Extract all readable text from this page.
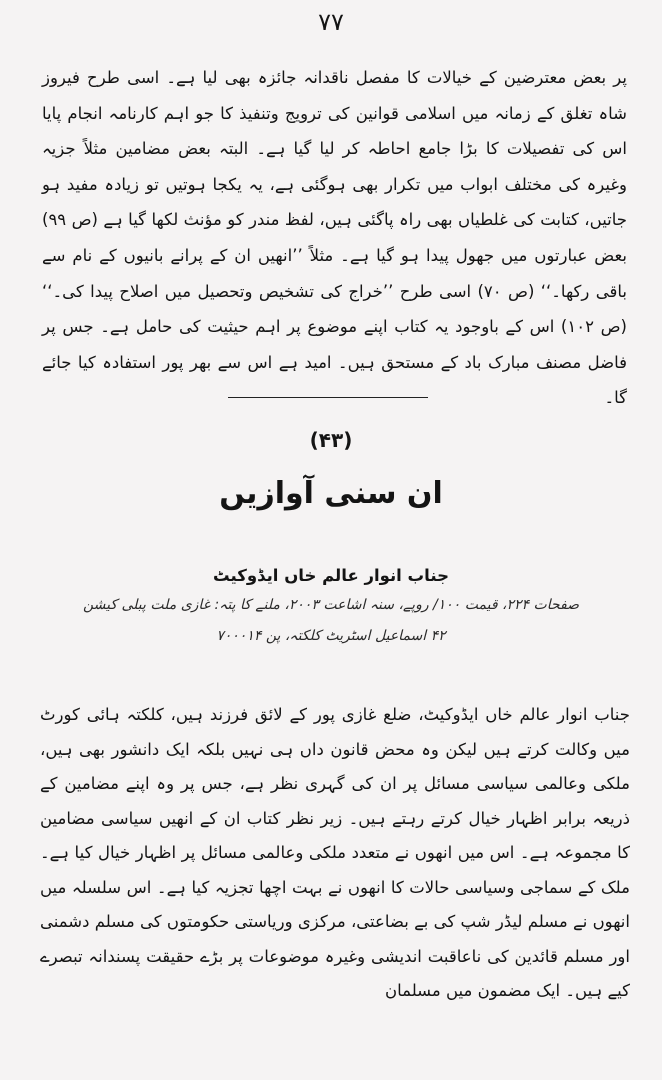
۷۷
پر بعض معترضین کے خیالات کا مفصل ناقدانہ جائزہ بھی لیا ہے۔ اسی طرح فیروز شاہ تغلق کے زمانہ میں اسلامی قوانین کی ترویج وتنفیذ کا جو اہم کارنامہ انجام پایا اس کی تفصیلات کا بڑا جامع احاطہ کر لیا گیا ہے۔ البتہ بعض مضامین مثلاً جزیہ وغیرہ کی مختلف ابواب میں تکرار بھی ہوگئی ہے، یہ یکجا ہوتیں تو زیادہ مفید ہو جاتیں، کتابت کی غلطیاں بھی راہ پاگئی ہیں، لفظ مندر کو مؤنث لکھا گیا ہے (ص ۹۹) بعض عبارتوں میں جھول پیدا ہو گیا ہے۔ مثلاً ’’انھیں ان کے پرانے بانیوں کے نام سے باقی رکھا۔‘‘ (ص ۷۰) اسی طرح ’’خراج کی تشخیص وتحصیل میں اصلاح پیدا کی۔‘‘ (ص ۱۰۲) اس کے باوجود یہ کتاب اپنے موضوع پر اہم حیثیت کی حامل ہے۔ جس پر فاضل مصنف مبارک باد کے مستحق ہیں۔ امید ہے اس سے بھر پور استفادہ کیا جائے گا۔
(۴۳)
ان سنی آوازیں
جناب انوار عالم خاں ایڈوکیٹ
صفحات ۲۲۴، قیمت ۱۰۰/ روپے، سنہ اشاعت ۲۰۰۳، ملنے کا پتہ: غازی ملت پبلی کیشن
۴۲ اسماعیل اسٹریٹ کلکتہ، پن ۷۰۰۰۱۴
جناب انوار عالم خاں ایڈوکیٹ، ضلع غازی پور کے لائق فرزند ہیں، کلکتہ ہائی کورٹ میں وکالت کرتے ہیں لیکن وہ محض قانون داں ہی نہیں بلکہ ایک دانشور بھی ہیں، ملکی وعالمی سیاسی مسائل پر ان کی گہری نظر ہے، جس پر وہ اپنے مضامین کے ذریعہ برابر اظہار خیال کرتے رہتے ہیں۔ زیر نظر کتاب ان کے انھیں سیاسی مضامین کا مجموعہ ہے۔ اس میں انھوں نے متعدد ملکی وعالمی مسائل پر اظہار خیال کیا ہے۔ ملک کے سماجی وسیاسی حالات کا انھوں نے بہت اچھا تجزیہ کیا ہے۔ اس سلسلہ میں انھوں نے مسلم لیڈر شپ کی بے بضاعتی، مرکزی وریاستی حکومتوں کی مسلم دشمنی اور مسلم قائدین کی ناعاقبت اندیشی وغیرہ موضوعات پر بڑے حقیقت پسندانہ تبصرے کیے ہیں۔ ایک مضمون میں مسلمان
